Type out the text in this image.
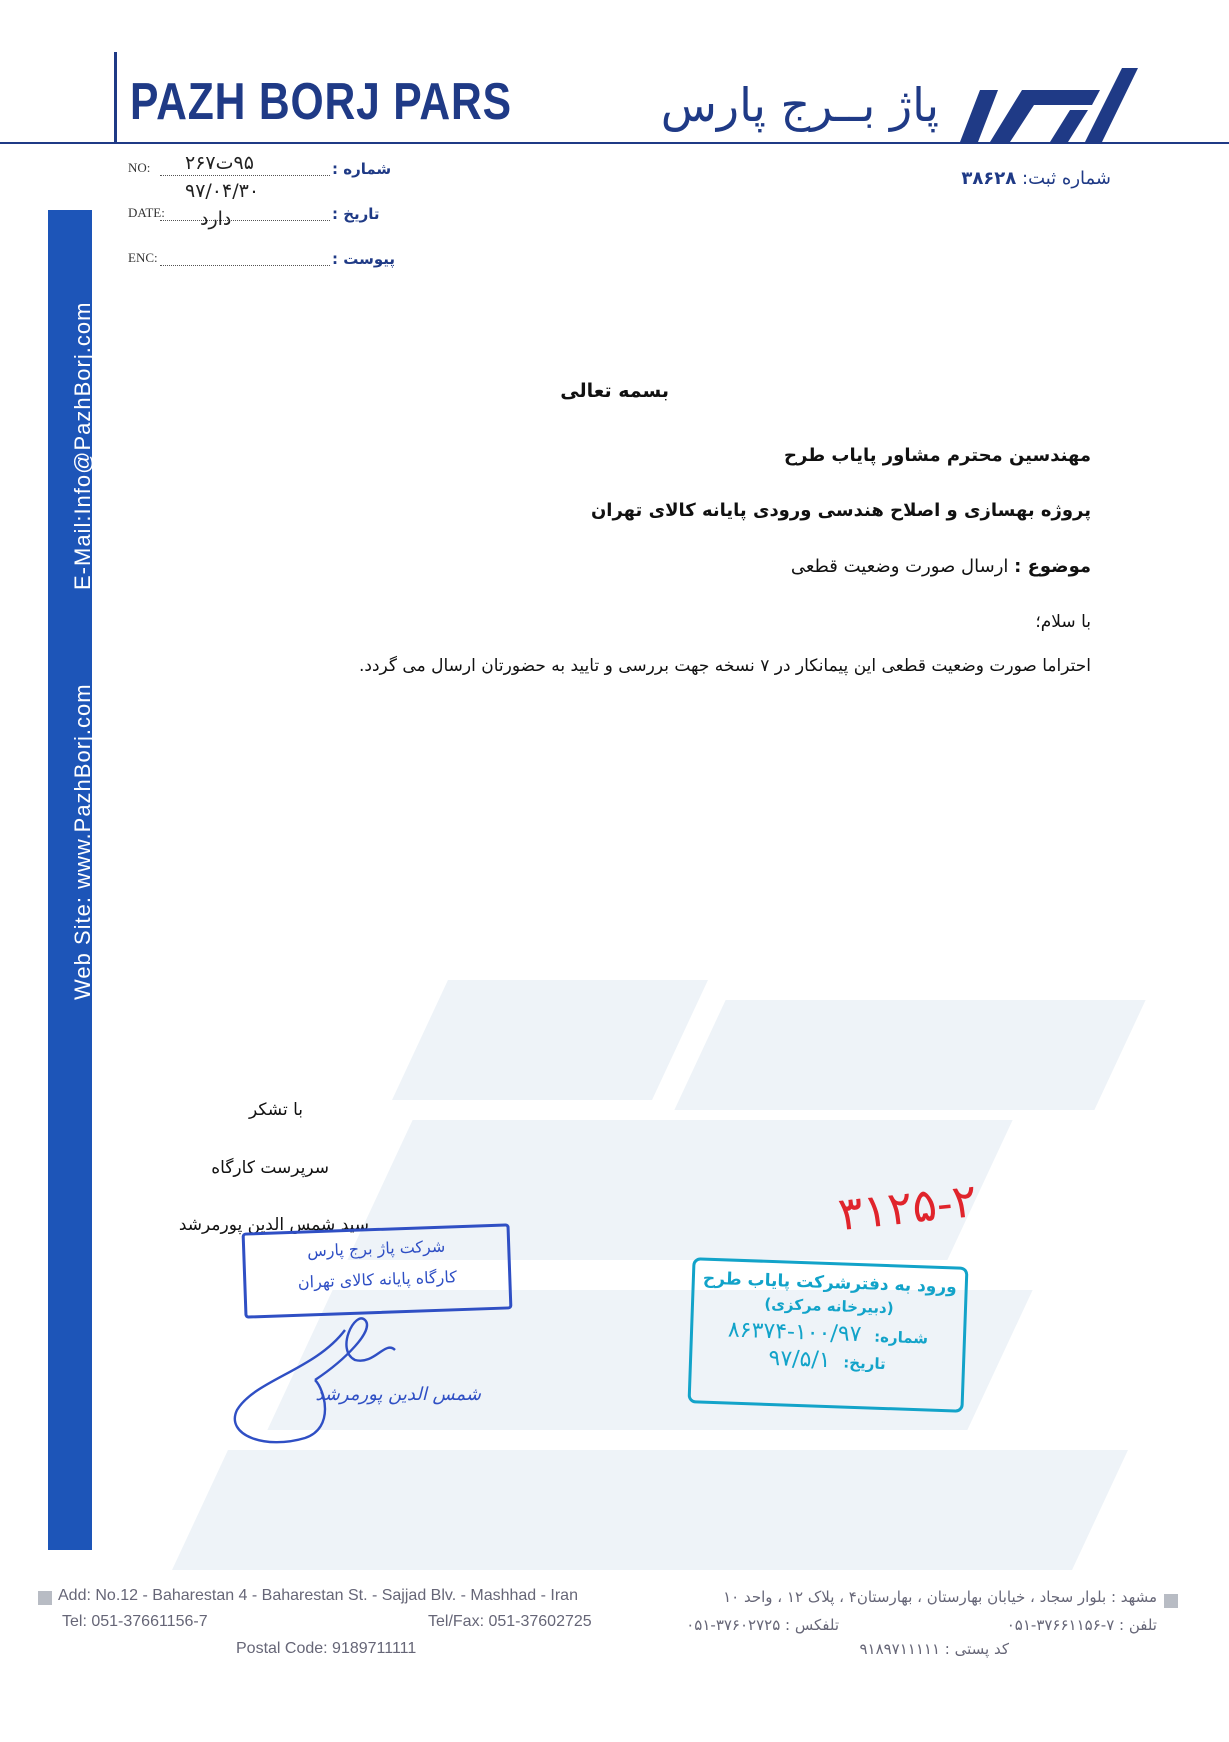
PAZH BORJ PARS	پاژ بــرج پارس
شماره ثبت: ۳۸۶۲۸
E-Mail:Info@PazhBorj.com
Web Site: www.PazhBorj.com
NO:	شماره :
۹۵ت۲۶۷
DATE:	تاریخ :
۹۷/۰۴/۳۰
دارد
ENC:	پیوست :
بسمه تعالی
مهندسین محترم مشاور پایاب طرح
پروژه بهسازی و اصلاح هندسی ورودی پایانه کالای تهران
موضوع : ارسال صورت وضعیت قطعی
با سلام؛
احتراما صورت وضعیت قطعی این پیمانکار در ۷ نسخه جهت بررسی و تایید به حضورتان ارسال می گردد.
با تشکر
سرپرست کارگاه
سید شمس الدین پورمرشد
شرکت پاژ برج پارس
کارگاه پایانه کالای تهران
شمس الدین پورمرشد
۳۱۲۵-۲
ورود به دفترشرکت پایاب طرح
(دبیرخانه مرکزی)
شماره: ۱۰۰/۹۷-۸۶۳۷۴
تاریخ: ۹۷/۵/۱
Add: No.12 - Baharestan 4 - Baharestan St. - Sajjad Blv. - Mashhad - Iran
Tel: 051-37661156-7	Tel/Fax: 051-37602725
Postal Code: 9189711111
مشهد : بلوار سجاد ، خیابان بهارستان ، بهارستان۴ ، پلاک ۱۲ ، واحد ۱۰
تلفن : ۷-۳۷۶۶۱۱۵۶-۰۵۱
تلفکس : ۳۷۶۰۲۷۲۵-۰۵۱
کد پستی : ۹۱۸۹۷۱۱۱۱۱
